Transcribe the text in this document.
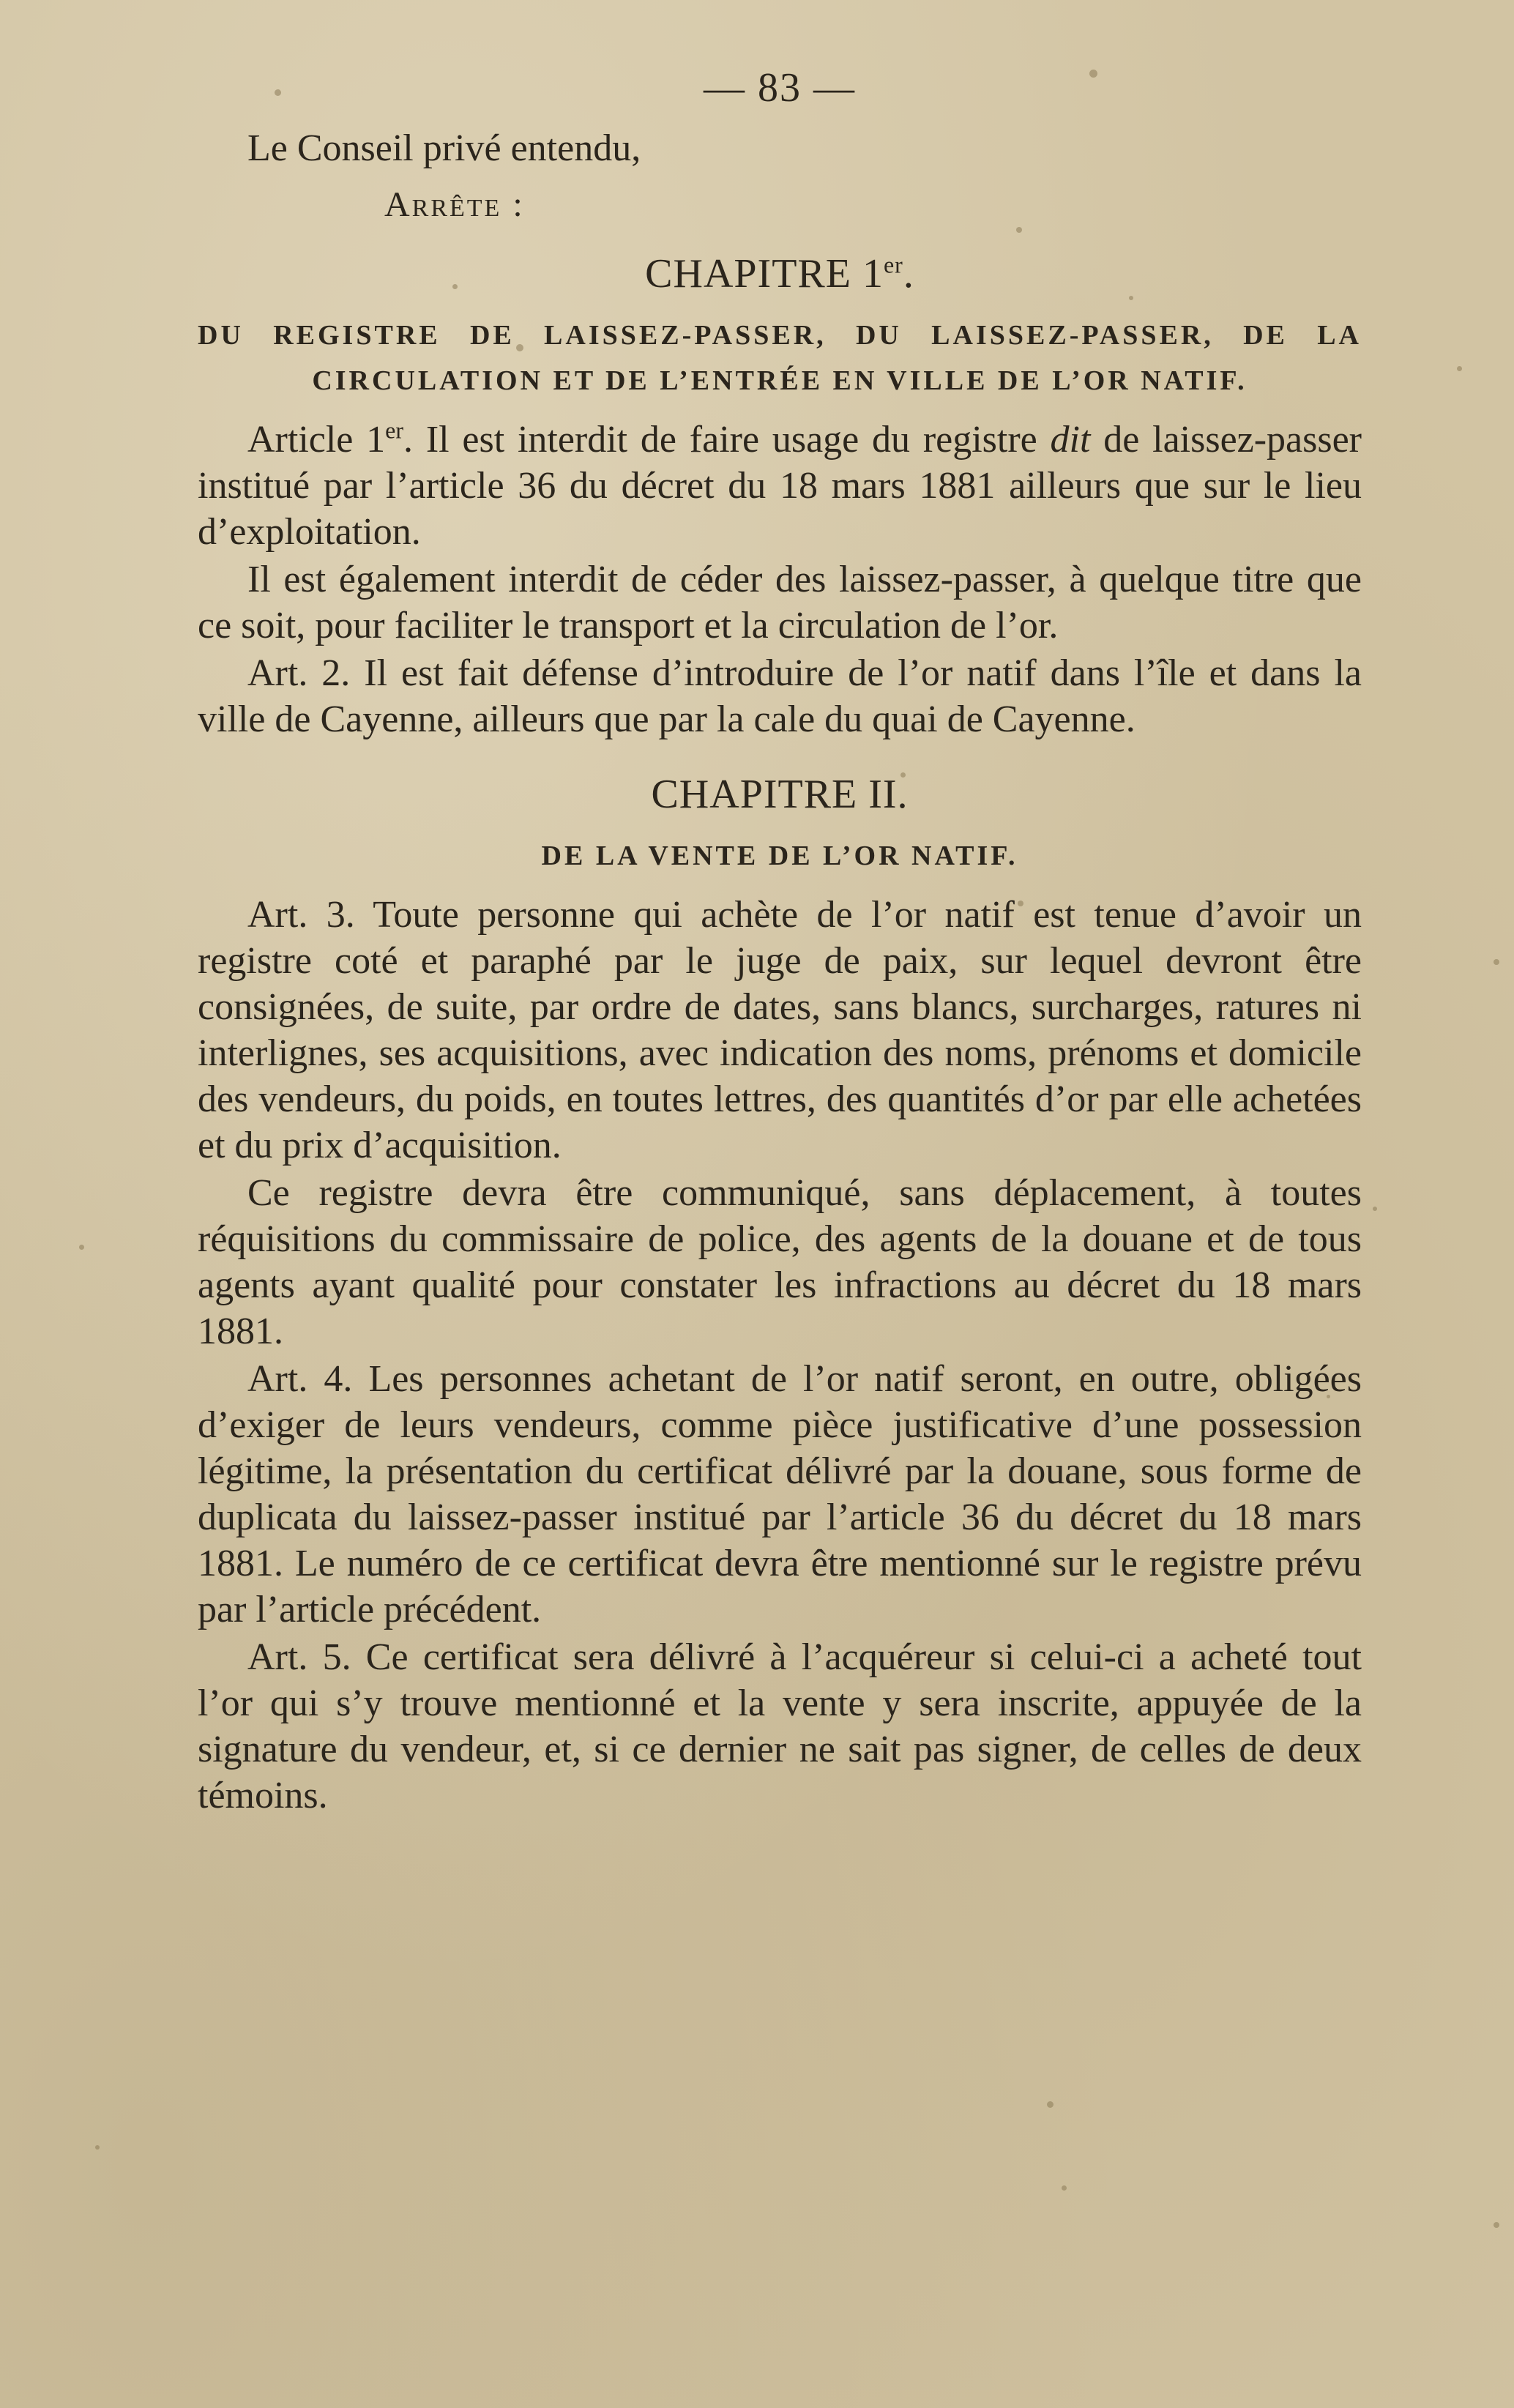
— 83 —
Le Conseil privé entendu,
Arrête :
CHAPITRE 1er.
DU REGISTRE DE LAISSEZ-PASSER, DU LAISSEZ-PASSER, DE LA CIRCULATION ET DE L’ENTRÉE EN VILLE DE L’OR NATIF.

Article 1er. Il est interdit de faire usage du registre dit de laissez-passer institué par l’article 36 du décret du 18 mars 1881 ailleurs que sur le lieu d’exploitation.

Il est également interdit de céder des laissez-passer, à quelque titre que ce soit, pour faciliter le transport et la circulation de l’or.

Art. 2. Il est fait défense d’introduire de l’or natif dans l’île et dans la ville de Cayenne, ailleurs que par la cale du quai de Cayenne.

CHAPITRE II.
DE LA VENTE DE L’OR NATIF.

Art. 3. Toute personne qui achète de l’or natif est tenue d’avoir un registre coté et paraphé par le juge de paix, sur lequel devront être consignées, de suite, par ordre de dates, sans blancs, surcharges, ratures ni interlignes, ses acquisitions, avec indication des noms, prénoms et domicile des vendeurs, du poids, en toutes lettres, des quantités d’or par elle achetées et du prix d’acquisition.

Ce registre devra être communiqué, sans déplacement, à toutes réquisitions du commissaire de police, des agents de la douane et de tous agents ayant qualité pour constater les infractions au décret du 18 mars 1881.

Art. 4. Les personnes achetant de l’or natif seront, en outre, obligées d’exiger de leurs vendeurs, comme pièce justificative d’une possession légitime, la présentation du certificat délivré par la douane, sous forme de duplicata du laissez-passer institué par l’article 36 du décret du 18 mars 1881. Le numéro de ce certificat devra être mentionné sur le registre prévu par l’article précédent.

Art. 5. Ce certificat sera délivré à l’acquéreur si celui-ci a acheté tout l’or qui s’y trouve mentionné et la vente y sera inscrite, appuyée de la signature du vendeur, et, si ce dernier ne sait pas signer, de celles de deux témoins.
